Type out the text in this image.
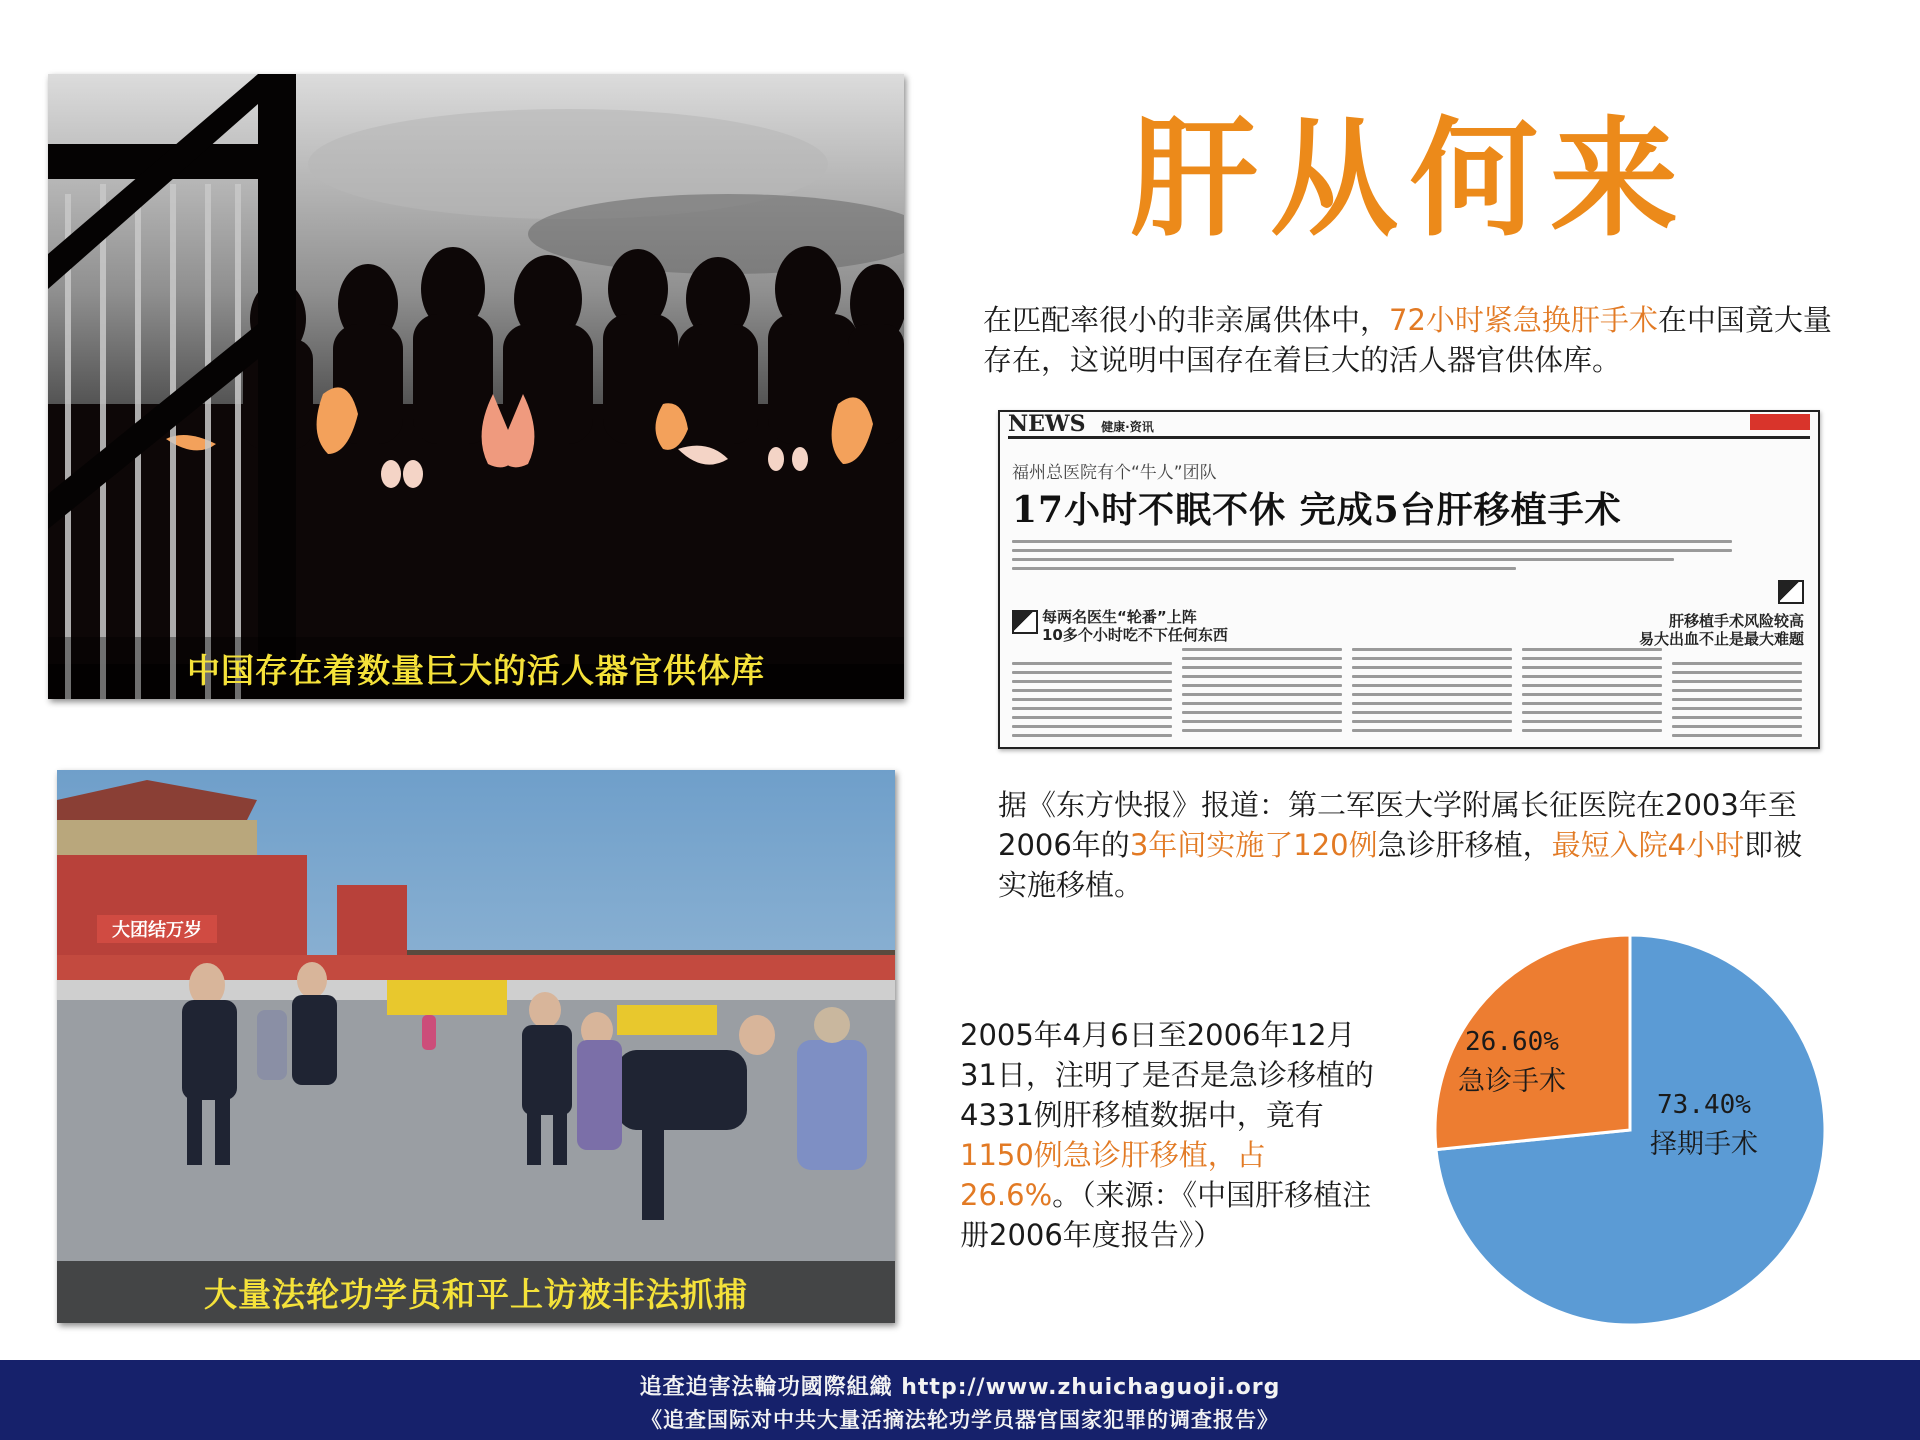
中国存在着数量巨大的活人器官供体库
大团结万岁
大量法轮功学员和平上访被非法抓捕
肝从何来
在匹配率很小的非亲属供体中，72小时紧急换肝手术在中国竟大量存在，这说明中国存在着巨大的活人器官供体库。
NEWS 健康·资讯
福州总医院有个“牛人”团队
17小时不眠不休 完成5台肝移植手术
每两名医生“轮番”上阵
10多个小时吃不下任何东西
肝移植手术风险较高
易大出血不止是最大难题
据《东方快报》报道：第二军医大学附属长征医院在2003年至2006年的3年间实施了120例急诊肝移植，最短入院4小时即被实施移植。
2005年4月6日至2006年12月31日，注明了是否是急诊移植的4331例肝移植数据中，竟有1150例急诊肝移植，占26.6%。（来源：《中国肝移植注册2006年度报告》）
73.40%
择期手术
26.60%
急诊手术
追查迫害法輪功國際組織 http://www.zhuichaguoji.org
《追查国际对中共大量活摘法轮功学员器官国家犯罪的调查报告》
